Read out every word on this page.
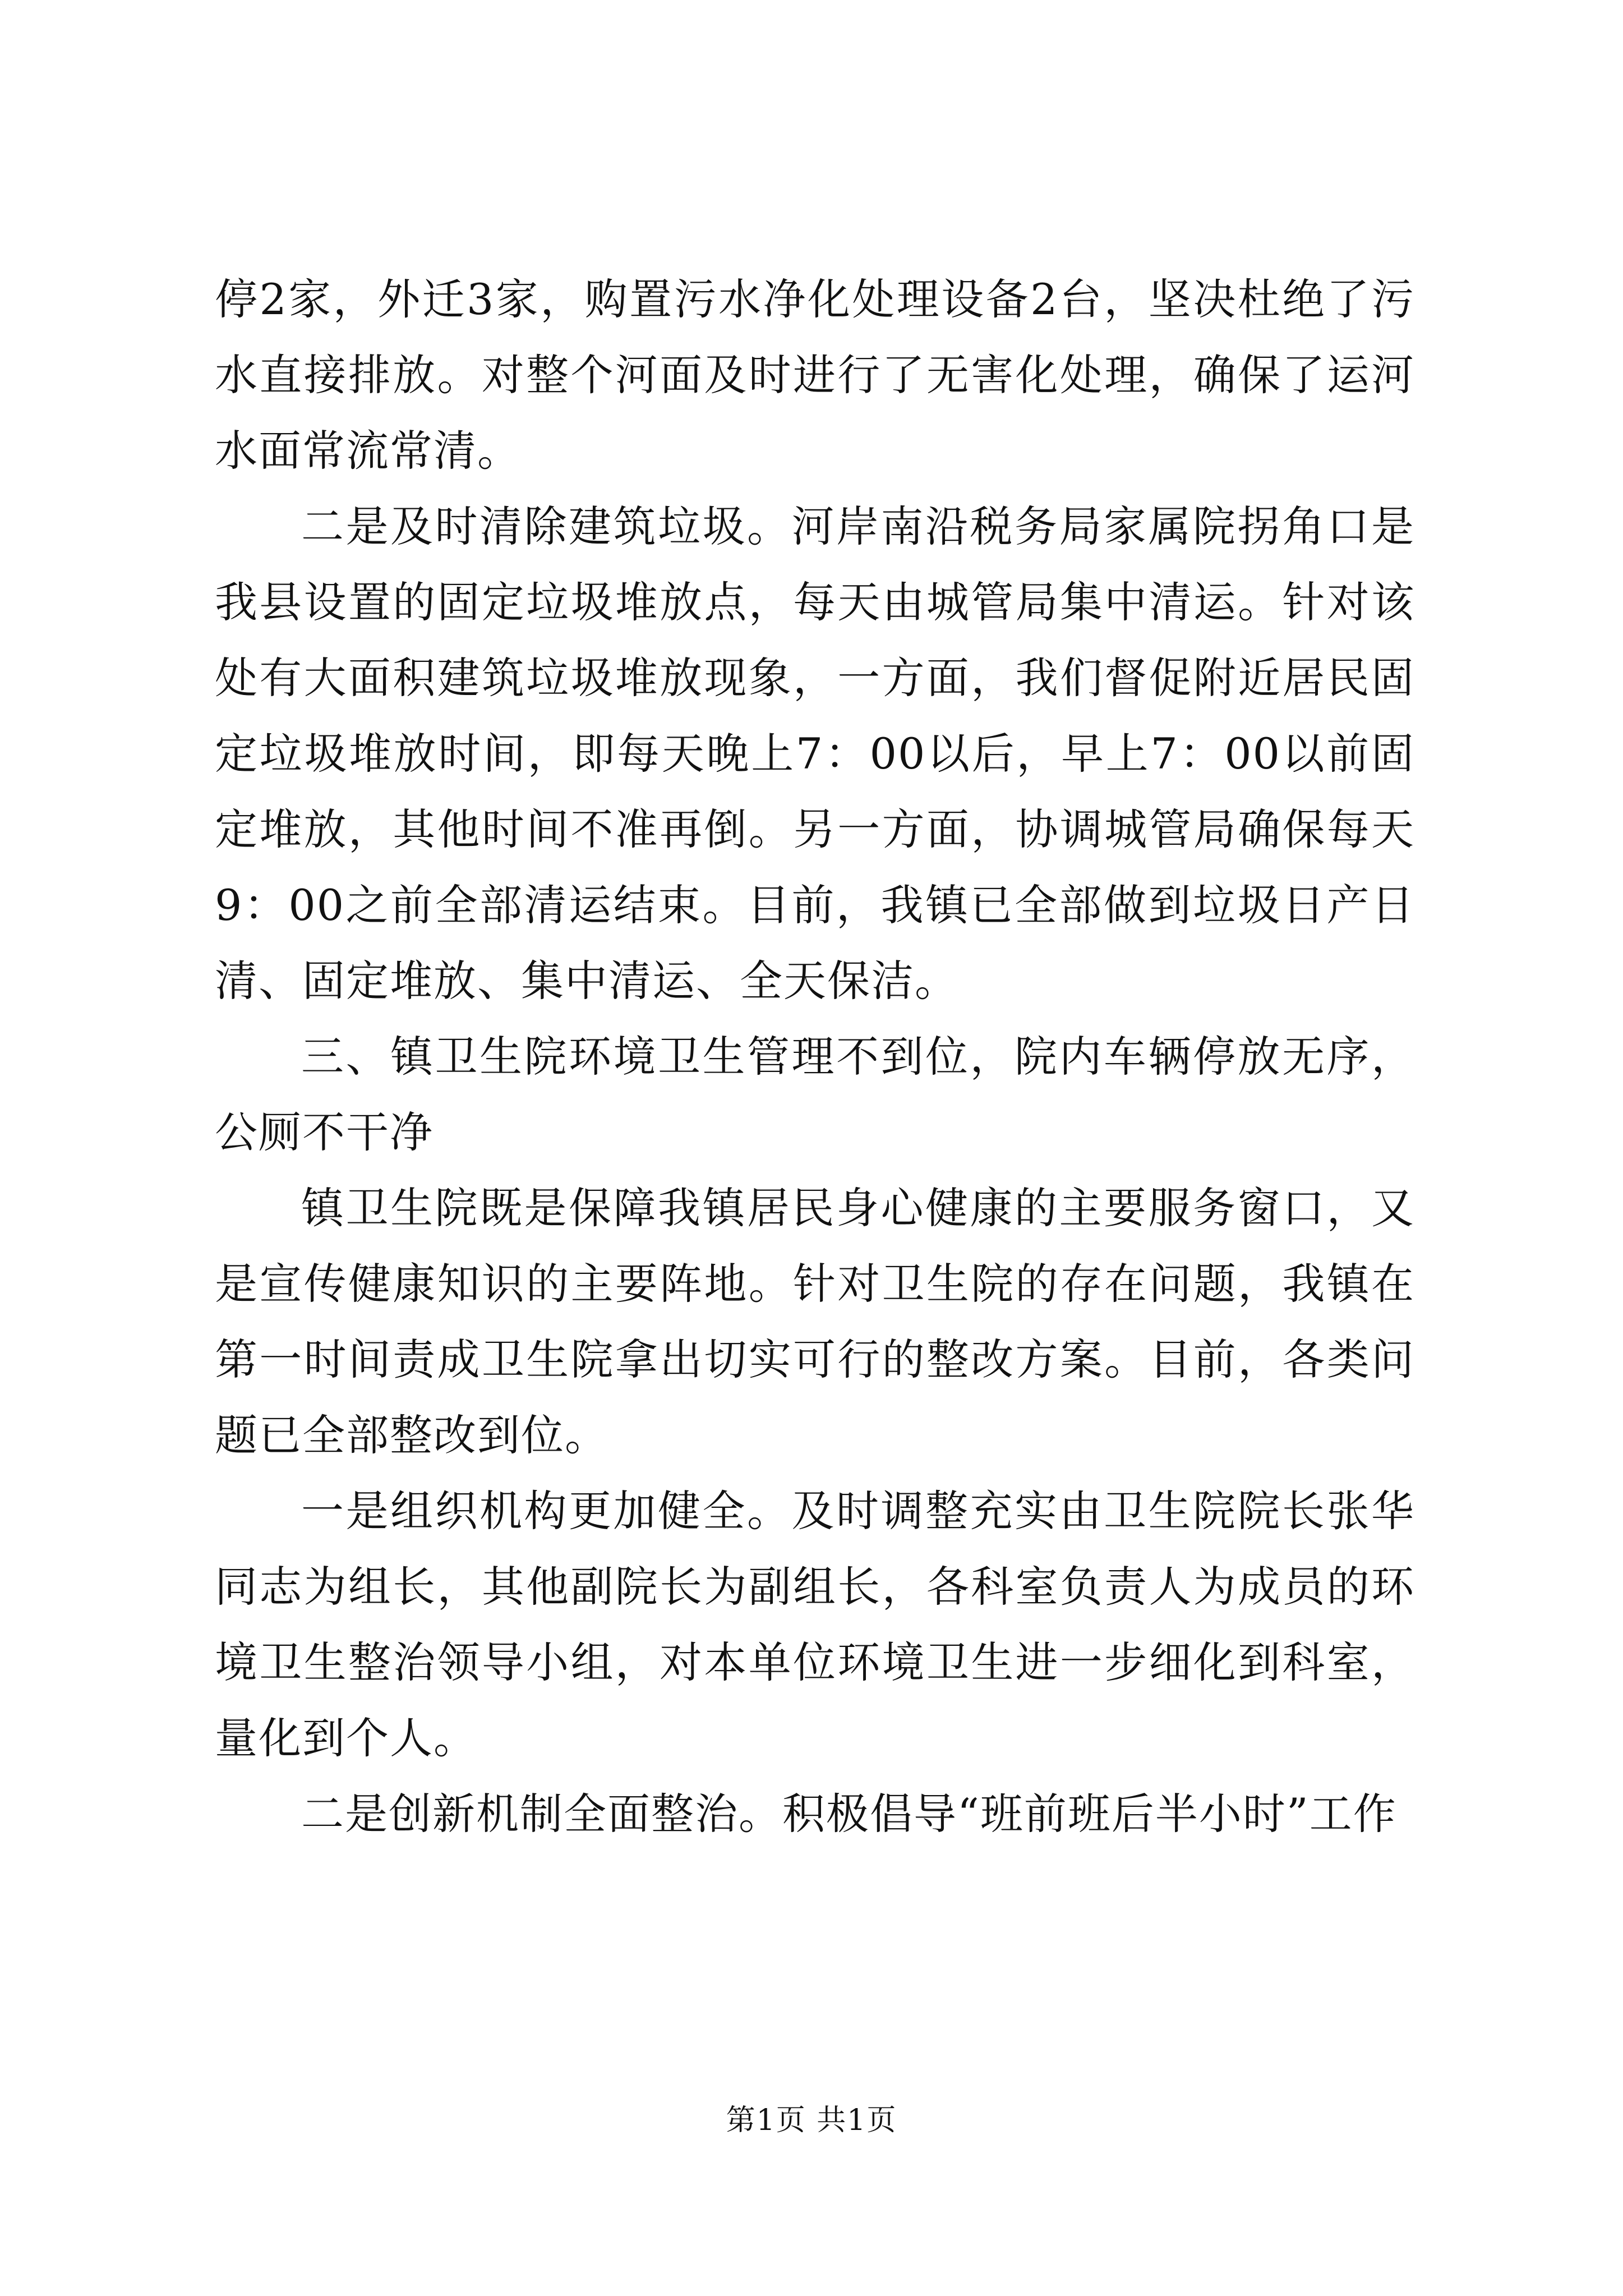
停2家，外迁3家，购置污水净化处理设备2台，坚决杜绝了污水直接排放。对整个河面及时进行了无害化处理，确保了运河水面常流常清。

二是及时清除建筑垃圾。河岸南沿税务局家属院拐角口是我县设置的固定垃圾堆放点，每天由城管局集中清运。针对该处有大面积建筑垃圾堆放现象，一方面，我们督促附近居民固定垃圾堆放时间，即每天晚上7：00以后，早上7：00以前固定堆放，其他时间不准再倒。另一方面，协调城管局确保每天9：00之前全部清运结束。目前，我镇已全部做到垃圾日产日清、固定堆放、集中清运、全天保洁。

三、镇卫生院环境卫生管理不到位，院内车辆停放无序，公厕不干净

镇卫生院既是保障我镇居民身心健康的主要服务窗口，又是宣传健康知识的主要阵地。针对卫生院的存在问题，我镇在第一时间责成卫生院拿出切实可行的整改方案。目前，各类问题已全部整改到位。

一是组织机构更加健全。及时调整充实由卫生院院长张华同志为组长，其他副院长为副组长，各科室负责人为成员的环境卫生整治领导小组，对本单位环境卫生进一步细化到科室，量化到个人。

二是创新机制全面整治。积极倡导“班前班后半小时”工作

第1页 共1页
